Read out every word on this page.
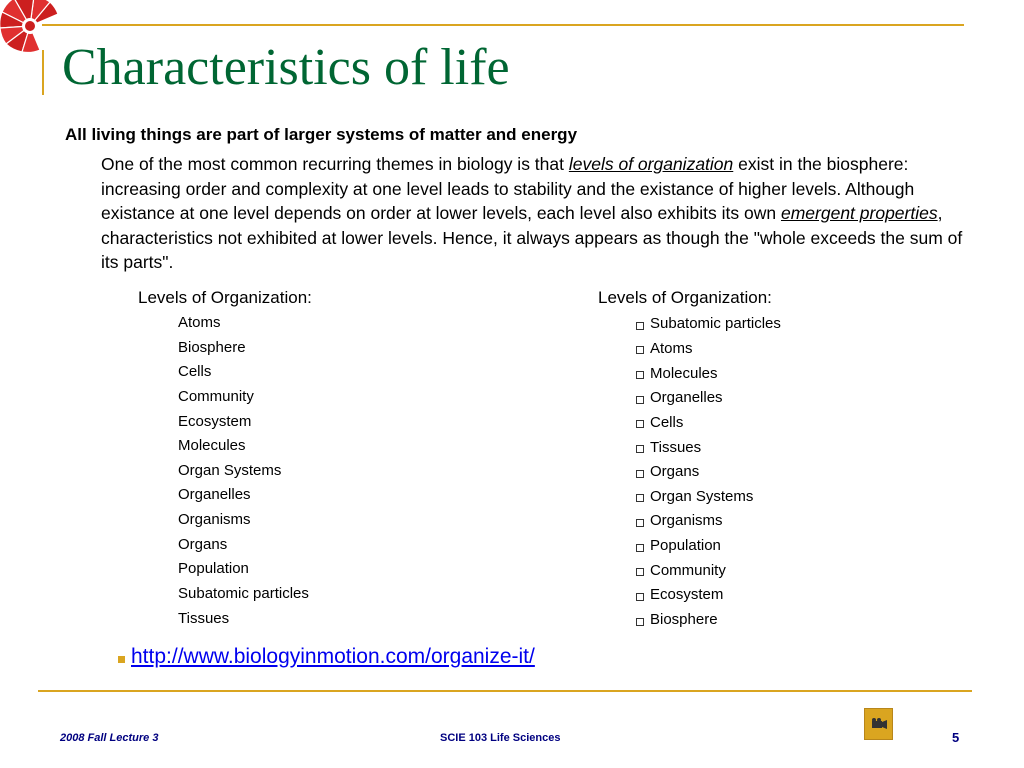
Characteristics of life

All living things are part of larger systems of matter and energy

One of the most common recurring themes in biology is that levels of organization exist in the biosphere: increasing order and complexity at one level leads to stability and the existance of higher levels. Although existance at one level depends on order at lower levels, each level also exhibits its own emergent properties, characteristics not exhibited at lower levels. Hence, it always appears as though the "whole exceeds the sum of its parts".

Levels of Organization:

Atoms
Biosphere
Cells
Community
Ecosystem
Molecules
Organ Systems
Organelles
Organisms
Organs
Population
Subatomic particles
Tissues

Levels of Organization:

Subatomic particles
Atoms
Molecules
Organelles
Cells
Tissues
Organs
Organ Systems
Organisms
Population
Community
Ecosystem
Biosphere
http://www.biologyinmotion.com/organize-it/

2008 Fall Lecture 3	SCIE 103 Life Sciences	5
